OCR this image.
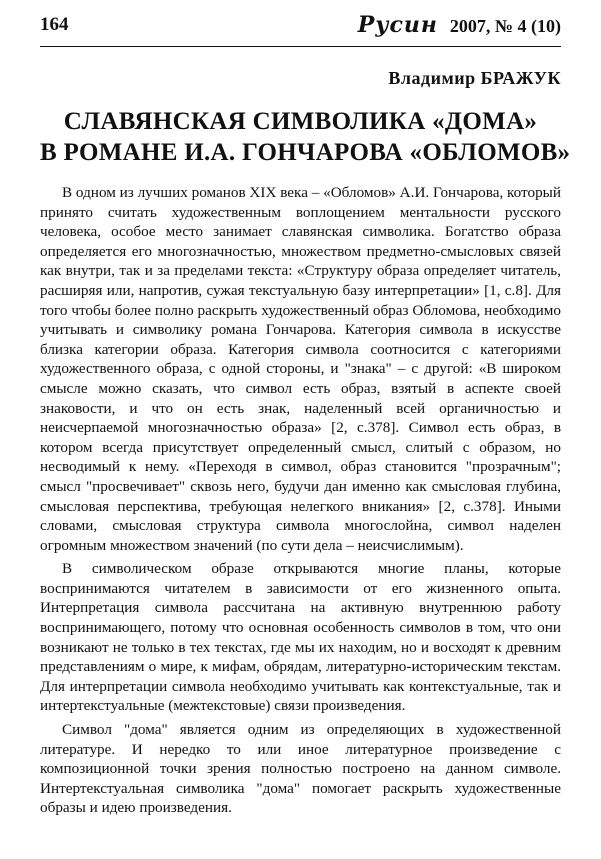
164	Русин 2007, № 4 (10)
Владимир БРАЖУК
СЛАВЯНСКАЯ СИМВОЛИКА «ДОМА»
В РОМАНЕ И.А. ГОНЧАРОВА «ОБЛОМОВ»

В одном из лучших романов XIX века – «Обломов» А.И. Гончарова, который принято считать художественным воплощением ментальности русского человека, особое место занимает славянская символика. Богатство образа определяется его многозначностью, множеством предметно-смысловых связей как внутри, так и за пределами текста: «Структуру образа определяет читатель, расширяя или, напротив, сужая текстуальную базу интерпретации» [1, с.8]. Для того чтобы более полно раскрыть художественный образ Обломова, необходимо учитывать и символику романа Гончарова. Категория символа в искусстве близка категории образа. Категория символа соотносится с категориями художественного образа, с одной стороны, и "знака" – с другой: «В широком смысле можно сказать, что символ есть образ, взятый в аспекте своей знаковости, и что он есть знак, наделенный всей органичностью и неисчерпаемой многозначностью образа» [2, с.378]. Символ есть образ, в котором всегда присутствует определенный смысл, слитый с образом, но несводимый к нему. «Переходя в символ, образ становится "прозрачным"; смысл "просвечивает" сквозь него, будучи дан именно как смысловая глубина, смысловая перспектива, требующая нелегкого вникания» [2, с.378]. Иными словами, смысловая структура символа многослойна, символ наделен огромным множеством значений (по сути дела – неисчислимым).

В символическом образе открываются многие планы, которые воспринимаются читателем в зависимости от его жизненного опыта. Интерпретация символа рассчитана на активную внутреннюю работу воспринимающего, потому что основная особенность символов в том, что они возникают не только в тех текстах, где мы их находим, но и восходят к древним представлениям о мире, к мифам, обрядам, литературно-историческим текстам. Для интерпретации символа необходимо учитывать как контекстуальные, так и интертекстуальные (межтекстовые) связи произведения.

Символ "дома" является одним из определяющих в художественной литературе. И нередко то или иное литературное произведение с композиционной точки зрения полностью построено на данном символе. Интертекстуальная символика "дома" помогает раскрыть художественные образы и идею произведения.
